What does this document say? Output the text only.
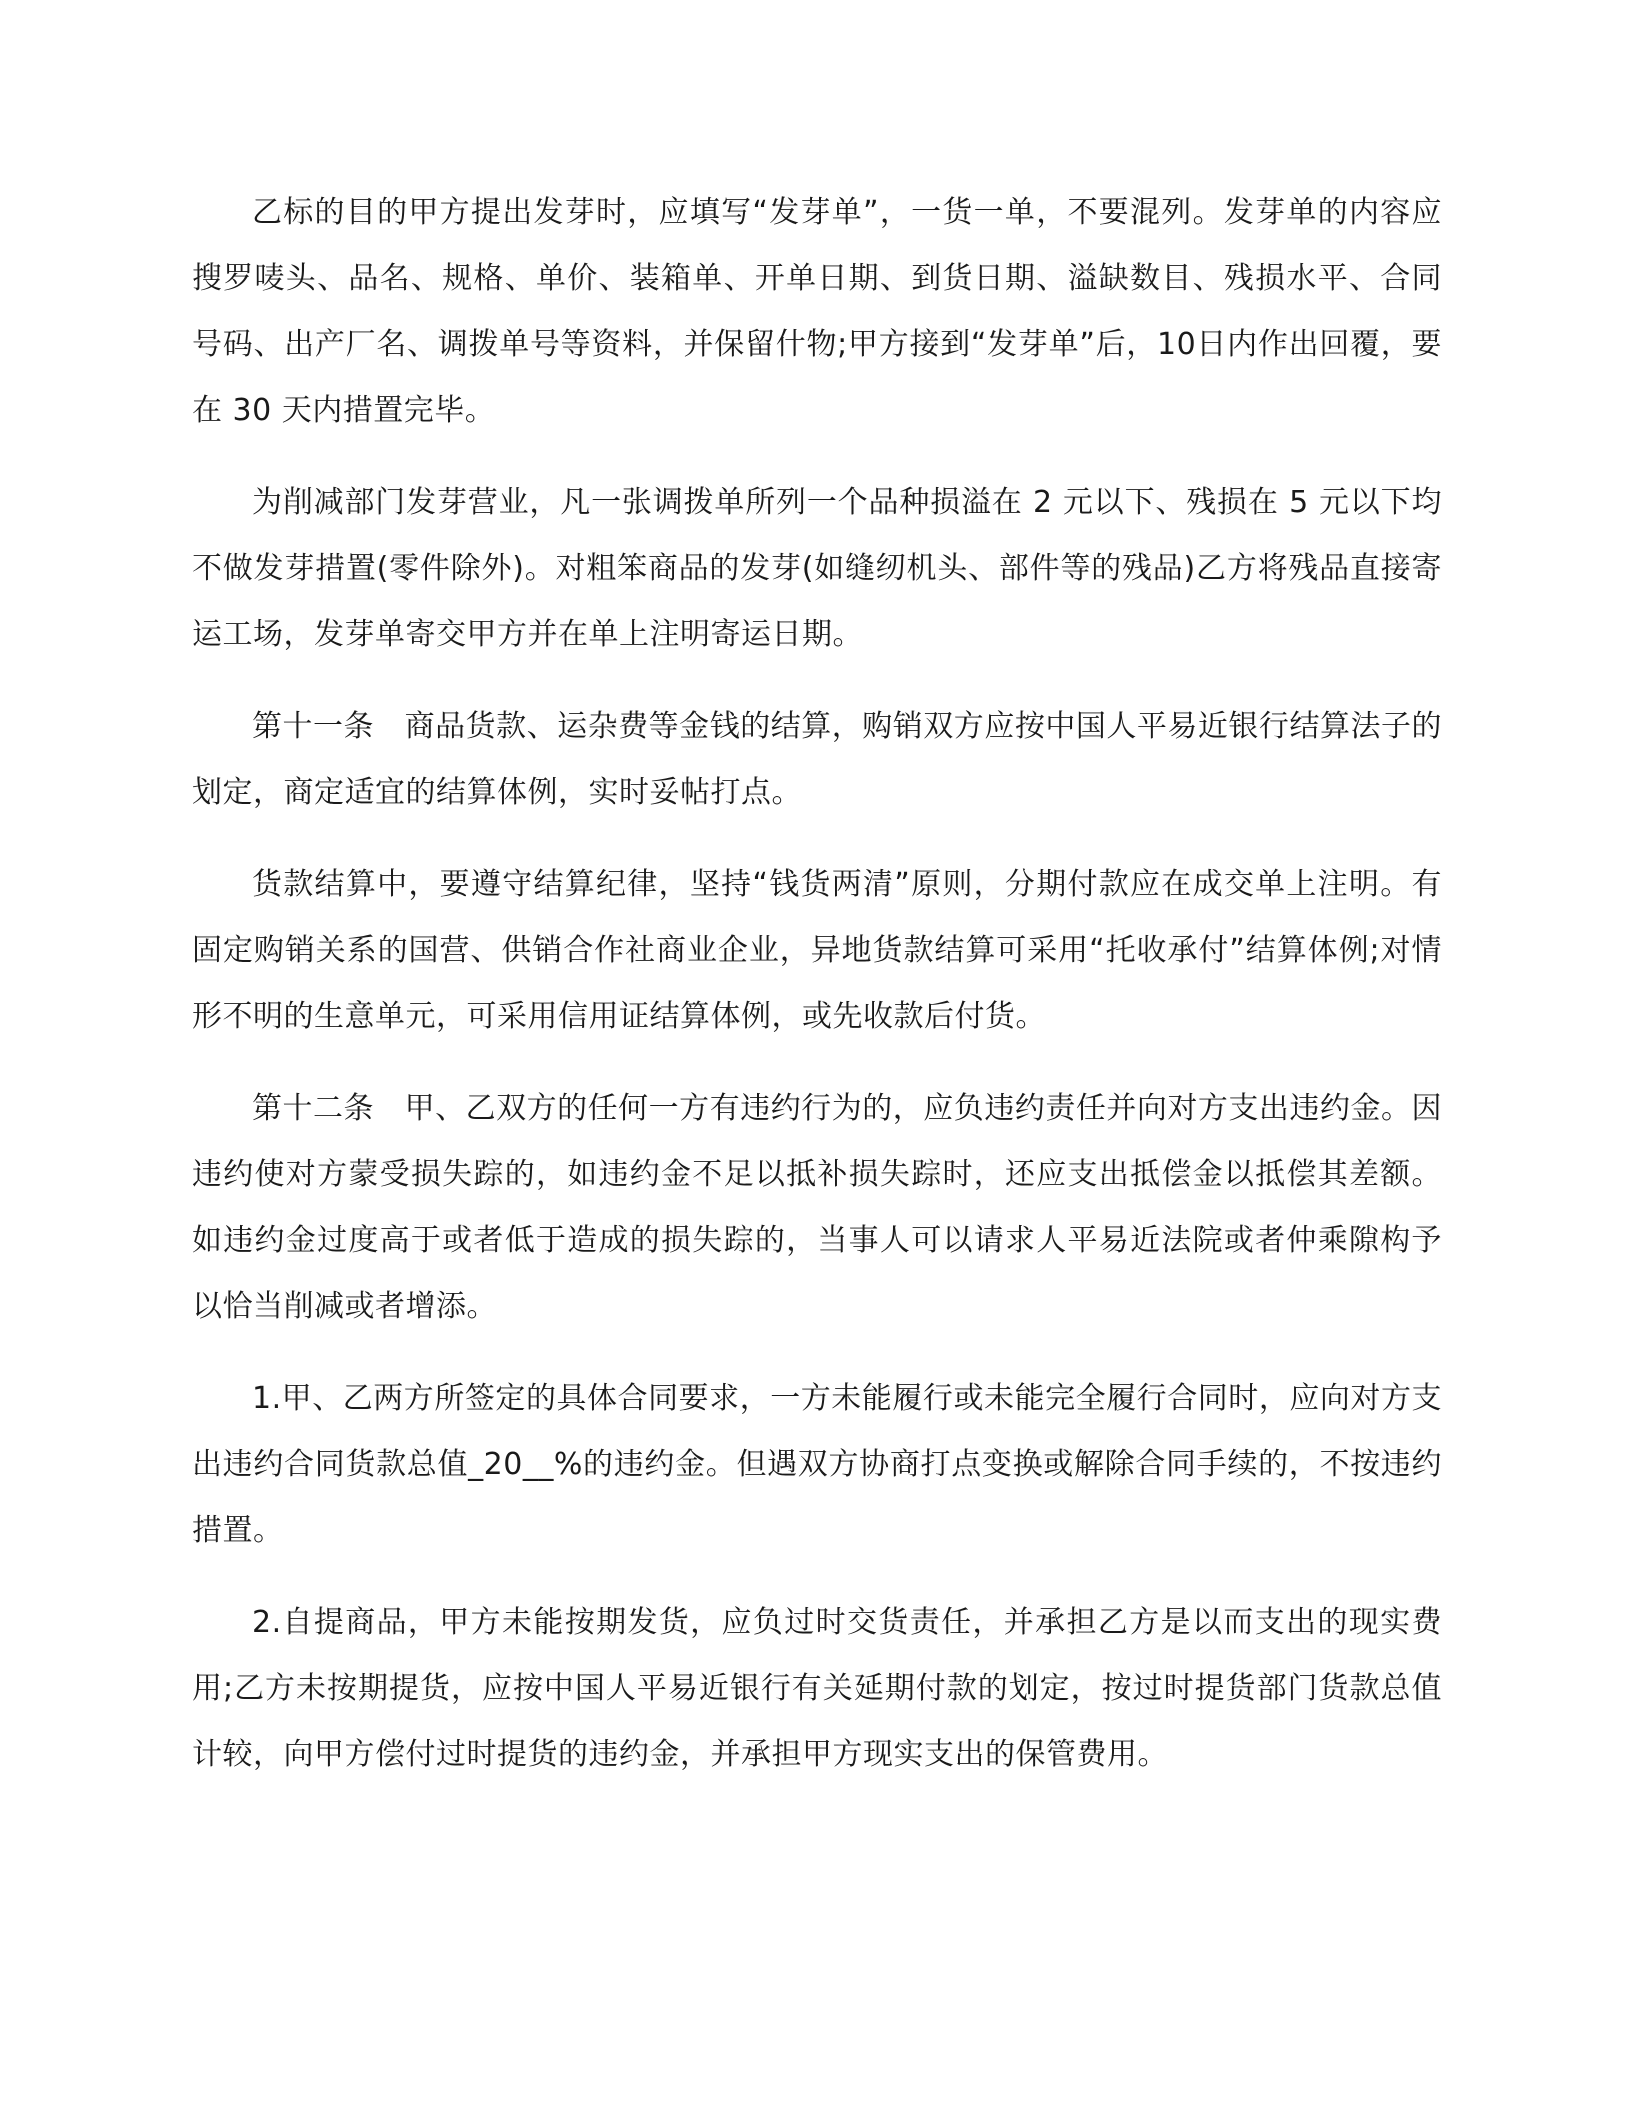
乙标的目的甲方提出发芽时，应填写“发芽单”，一货一单，不要混列。发芽单的内容应搜罗唛头、品名、规格、单价、装箱单、开单日期、到货日期、溢缺数目、残损水平、合同号码、出产厂名、调拨单号等资料，并保留什物;甲方接到“发芽单”后，10日内作出回覆，要在 30 天内措置完毕。

为削减部门发芽营业，凡一张调拨单所列一个品种损溢在 2 元以下、残损在 5 元以下均不做发芽措置(零件除外)。对粗笨商品的发芽(如缝纫机头、部件等的残品)乙方将残品直接寄运工场，发芽单寄交甲方并在单上注明寄运日期。

第十一条　商品货款、运杂费等金钱的结算，购销双方应按中国人平易近银行结算法子的划定，商定适宜的结算体例，实时妥帖打点。

货款结算中，要遵守结算纪律，坚持“钱货两清”原则，分期付款应在成交单上注明。有固定购销关系的国营、供销合作社商业企业，异地货款结算可采用“托收承付”结算体例;对情形不明的生意单元，可采用信用证结算体例，或先收款后付货。

第十二条　甲、乙双方的任何一方有违约行为的，应负违约责任并向对方支出违约金。因违约使对方蒙受损失踪的，如违约金不足以抵补损失踪时，还应支出抵偿金以抵偿其差额。如违约金过度高于或者低于造成的损失踪的，当事人可以请求人平易近法院或者仲乘隙构予以恰当削减或者增添。

1.甲、乙两方所签定的具体合同要求，一方未能履行或未能完全履行合同时，应向对方支出违约合同货款总值_20__%的违约金。但遇双方协商打点变换或解除合同手续的，不按违约措置。

2.自提商品，甲方未能按期发货，应负过时交货责任，并承担乙方是以而支出的现实费用;乙方未按期提货，应按中国人平易近银行有关延期付款的划定，按过时提货部门货款总值计较，向甲方偿付过时提货的违约金，并承担甲方现实支出的保管费用。
